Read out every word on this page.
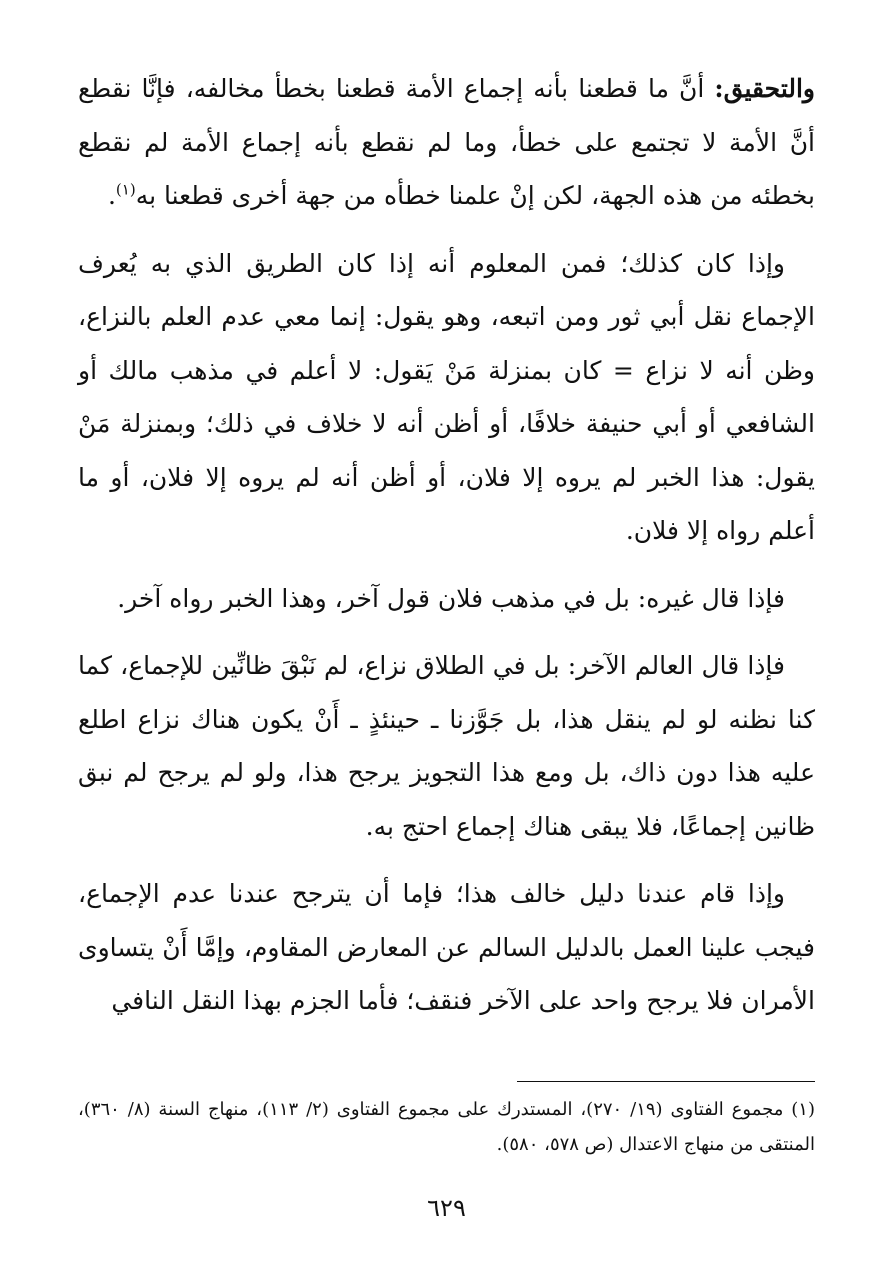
والتحقيق: أنَّ ما قطعنا بأنه إجماع الأمة قطعنا بخطأ مخالفه، فإنَّا نقطع أنَّ الأمة لا تجتمع على خطأ، وما لم نقطع بأنه إجماع الأمة لم نقطع بخطئه من هذه الجهة، لكن إنْ علمنا خطأه من جهة أخرى قطعنا به$^{(١)}$.

وإذا كان كذلك؛ فمن المعلوم أنه إذا كان الطريق الذي به يُعرف الإجماع نقل أبي ثور ومن اتبعه، وهو يقول: إنما معي عدم العلم بالنزاع، وظن أنه لا نزاع = كان بمنزلة مَنْ يَقول: لا أعلم في مذهب مالك أو الشافعي أو أبي حنيفة خلافًا، أو أظن أنه لا خلاف في ذلك؛ وبمنزلة مَنْ يقول: هذا الخبر لم يروه إلا فلان، أو أظن أنه لم يروه إلا فلان، أو ما أعلم رواه إلا فلان.

فإذا قال غيره: بل في مذهب فلان قول آخر، وهذا الخبر رواه آخر.

فإذا قال العالم الآخر: بل في الطلاق نزاع، لم نَبْقَ ظانِّين للإجماع، كما كنا نظنه لو لم ينقل هذا، بل جَوَّزنا ـ حينئذٍ ـ أَنْ يكون هناك نزاع اطلع عليه هذا دون ذاك، بل ومع هذا التجويز يرجح هذا، ولو لم يرجح لم نبق ظانين إجماعًا، فلا يبقى هناك إجماع احتج به.

وإذا قام عندنا دليل خالف هذا؛ فإما أن يترجح عندنا عدم الإجماع، فيجب علينا العمل بالدليل السالم عن المعارض المقاوم، وإمَّا أَنْ يتساوى الأمران فلا يرجح واحد على الآخر فنقف؛ فأما الجزم بهذا النقل النافي

(١) مجموع الفتاوى (١٩/ ٢٧٠)، المستدرك على مجموع الفتاوى (٢/ ١١٣)، منهاج السنة (٨/ ٣٦٠)، المنتقى من منهاج الاعتدال (ص ٥٧٨، ٥٨٠).

٦٢٩
